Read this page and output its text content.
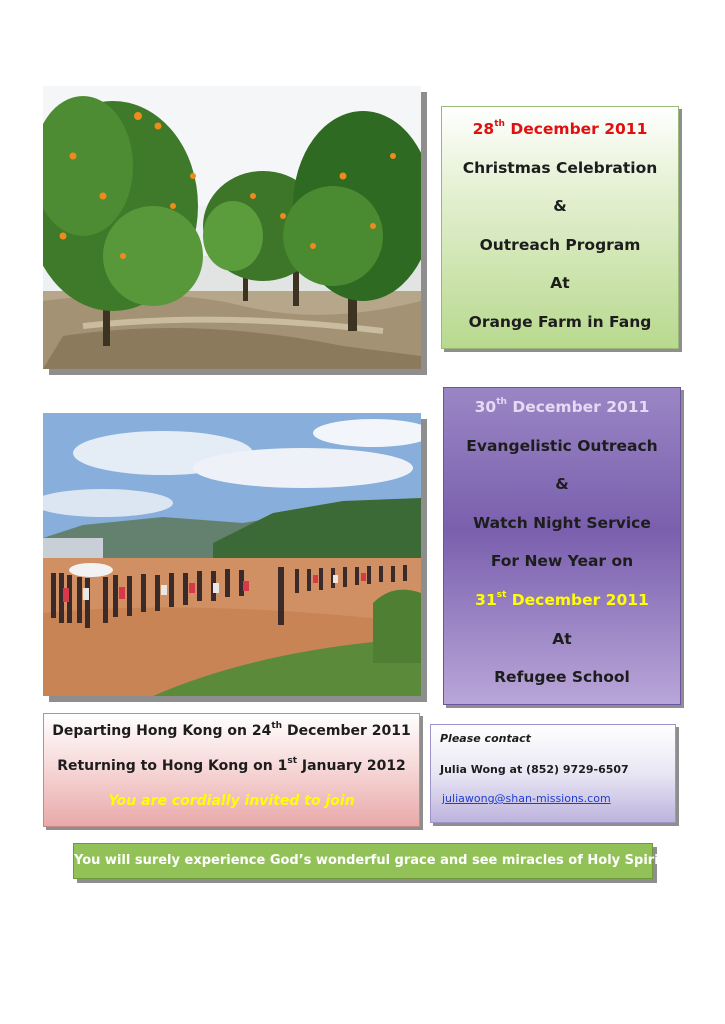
28th December 2011
Christmas Celebration
&
Outreach Program
At
Orange Farm in Fang
30th December 2011
Evangelistic Outreach
&
Watch Night Service
For New Year on
31st December 2011
At
Refugee School
Departing Hong Kong on 24th December 2011
Returning to Hong Kong on 1st January 2012
You are cordially invited to join
Please contact
Julia Wong at (852) 9729-6507
juliawong@shan-missions.com
You will surely experience God’s wonderful grace and see miracles of Holy Spirit
